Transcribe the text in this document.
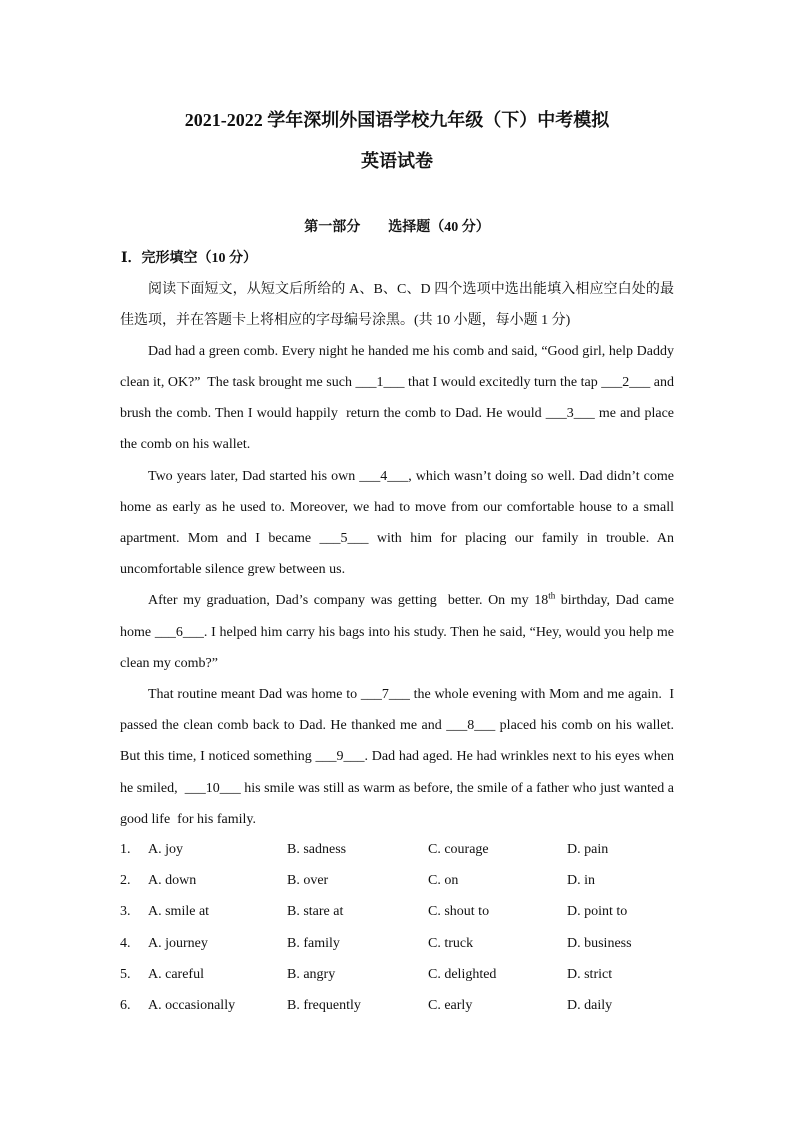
2021-2022 学年深圳外国语学校九年级（下）中考模拟
英语试卷
第一部分　　选择题（40 分）
Ⅰ．完形填空（10 分）
阅读下面短文，从短文后所给的 A、B、C、D 四个选项中选出能填入相应空白处的最
佳选项，并在答题卡上将相应的字母编号涂黑。(共 10 小题，每小题 1 分)
Dad had a green comb. Every night he handed me his comb and said, “Good girl, help Daddy
clean it, OK?”  The task brought me such ___1___ that I would excitedly turn the tap ___2___ and
brush the comb. Then I would happily  return the comb to Dad. He would ___3___ me and place
the comb on his wallet.
Two years later, Dad started his own ___4___, which wasn’t doing so well. Dad didn’t come
home as early as he used to. Moreover, we had to move from our comfortable house to a small
apartment.  Mom  and  I  became  ___5___  with  him  for  placing  our  family  in  trouble.  An
uncomfortable silence grew between us.
After my graduation, Dad’s company was getting  better. On my 18th birthday, Dad came
home ___6___. I helped him carry his bags into his study. Then he said, “Hey, would you help me
clean my comb?”
That routine meant Dad was home to ___7___ the whole evening with Mom and me again.  I
passed the clean comb back to Dad. He thanked me and ___8___ placed his comb on his wallet.
But this time, I noticed something ___9___. Dad had aged. He had wrinkles next to his eyes when
he smiled,  ___10___ his smile was still as warm as before, the smile of a father who just wanted a
good life  for his family.
1. A. joy	B. sadness	C. courage	D. pain
2. A. down	B. over	C. on	D. in
3. A. smile at	B. stare at	C. shout to	D. point to
4. A. journey	B. family	C. truck	D. business
5. A. careful	B. angry	C. delighted	D. strict
6. A. occasionally	B. frequently	C. early	D. daily
